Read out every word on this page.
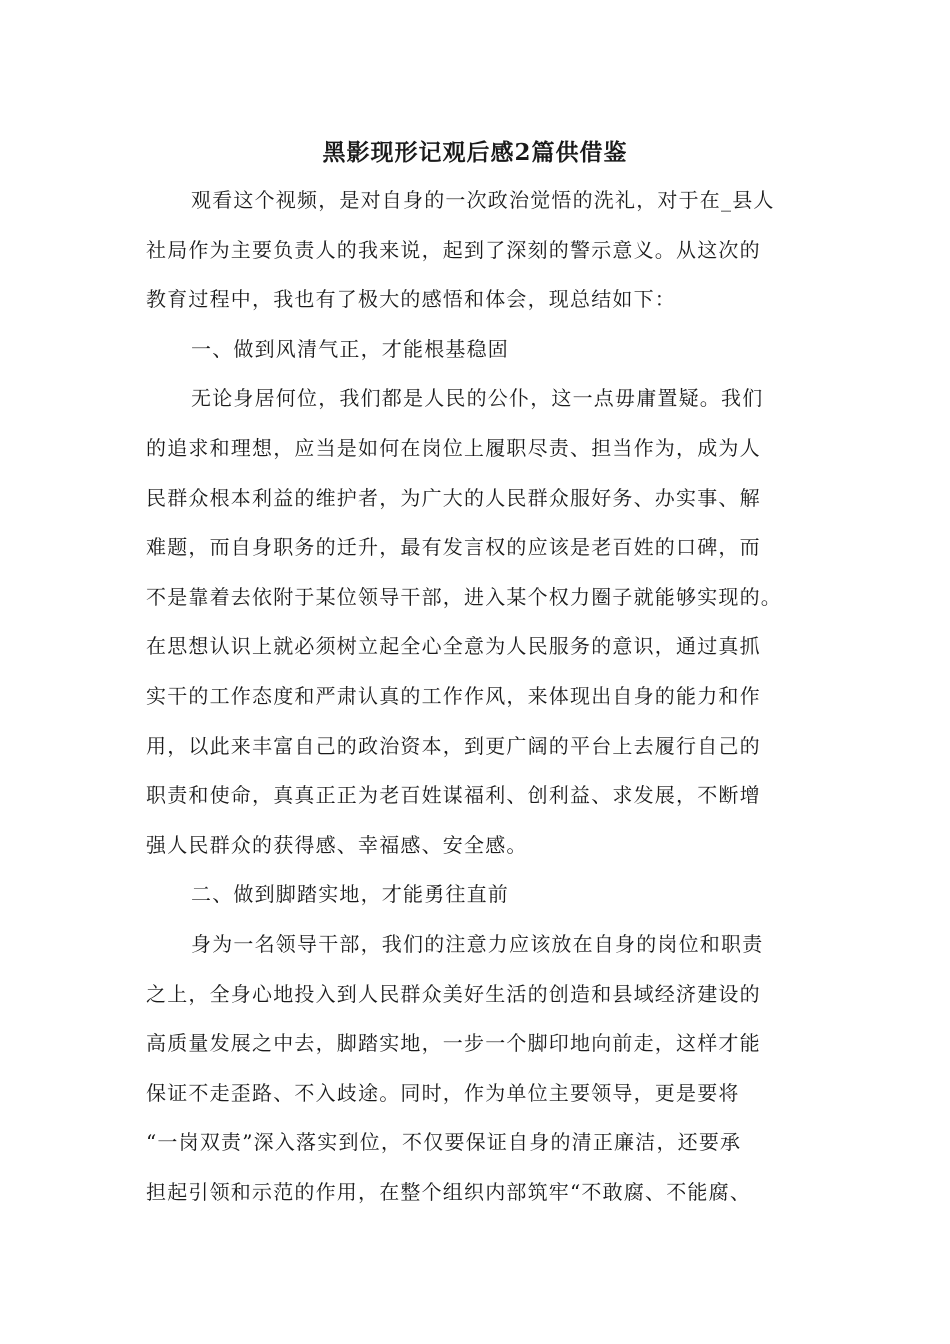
黑影现形记观后感2篇供借鉴
观看这个视频，是对自身的一次政治觉悟的洗礼，对于在_县人
社局作为主要负责人的我来说，起到了深刻的警示意义。从这次的
教育过程中，我也有了极大的感悟和体会，现总结如下：
一、做到风清气正，才能根基稳固
无论身居何位，我们都是人民的公仆，这一点毋庸置疑。我们
的追求和理想，应当是如何在岗位上履职尽责、担当作为，成为人
民群众根本利益的维护者，为广大的人民群众服好务、办实事、解
难题，而自身职务的迁升，最有发言权的应该是老百姓的口碑，而
不是靠着去依附于某位领导干部，进入某个权力圈子就能够实现的。
在思想认识上就必须树立起全心全意为人民服务的意识，通过真抓
实干的工作态度和严肃认真的工作作风，来体现出自身的能力和作
用，以此来丰富自己的政治资本，到更广阔的平台上去履行自己的
职责和使命，真真正正为老百姓谋福利、创利益、求发展，不断增
强人民群众的获得感、幸福感、安全感。
二、做到脚踏实地，才能勇往直前
身为一名领导干部，我们的注意力应该放在自身的岗位和职责
之上，全身心地投入到人民群众美好生活的创造和县域经济建设的
高质量发展之中去，脚踏实地，一步一个脚印地向前走，这样才能
保证不走歪路、不入歧途。同时，作为单位主要领导，更是要将
“一岗双责”深入落实到位，不仅要保证自身的清正廉洁，还要承
担起引领和示范的作用，在整个组织内部筑牢“不敢腐、不能腐、
